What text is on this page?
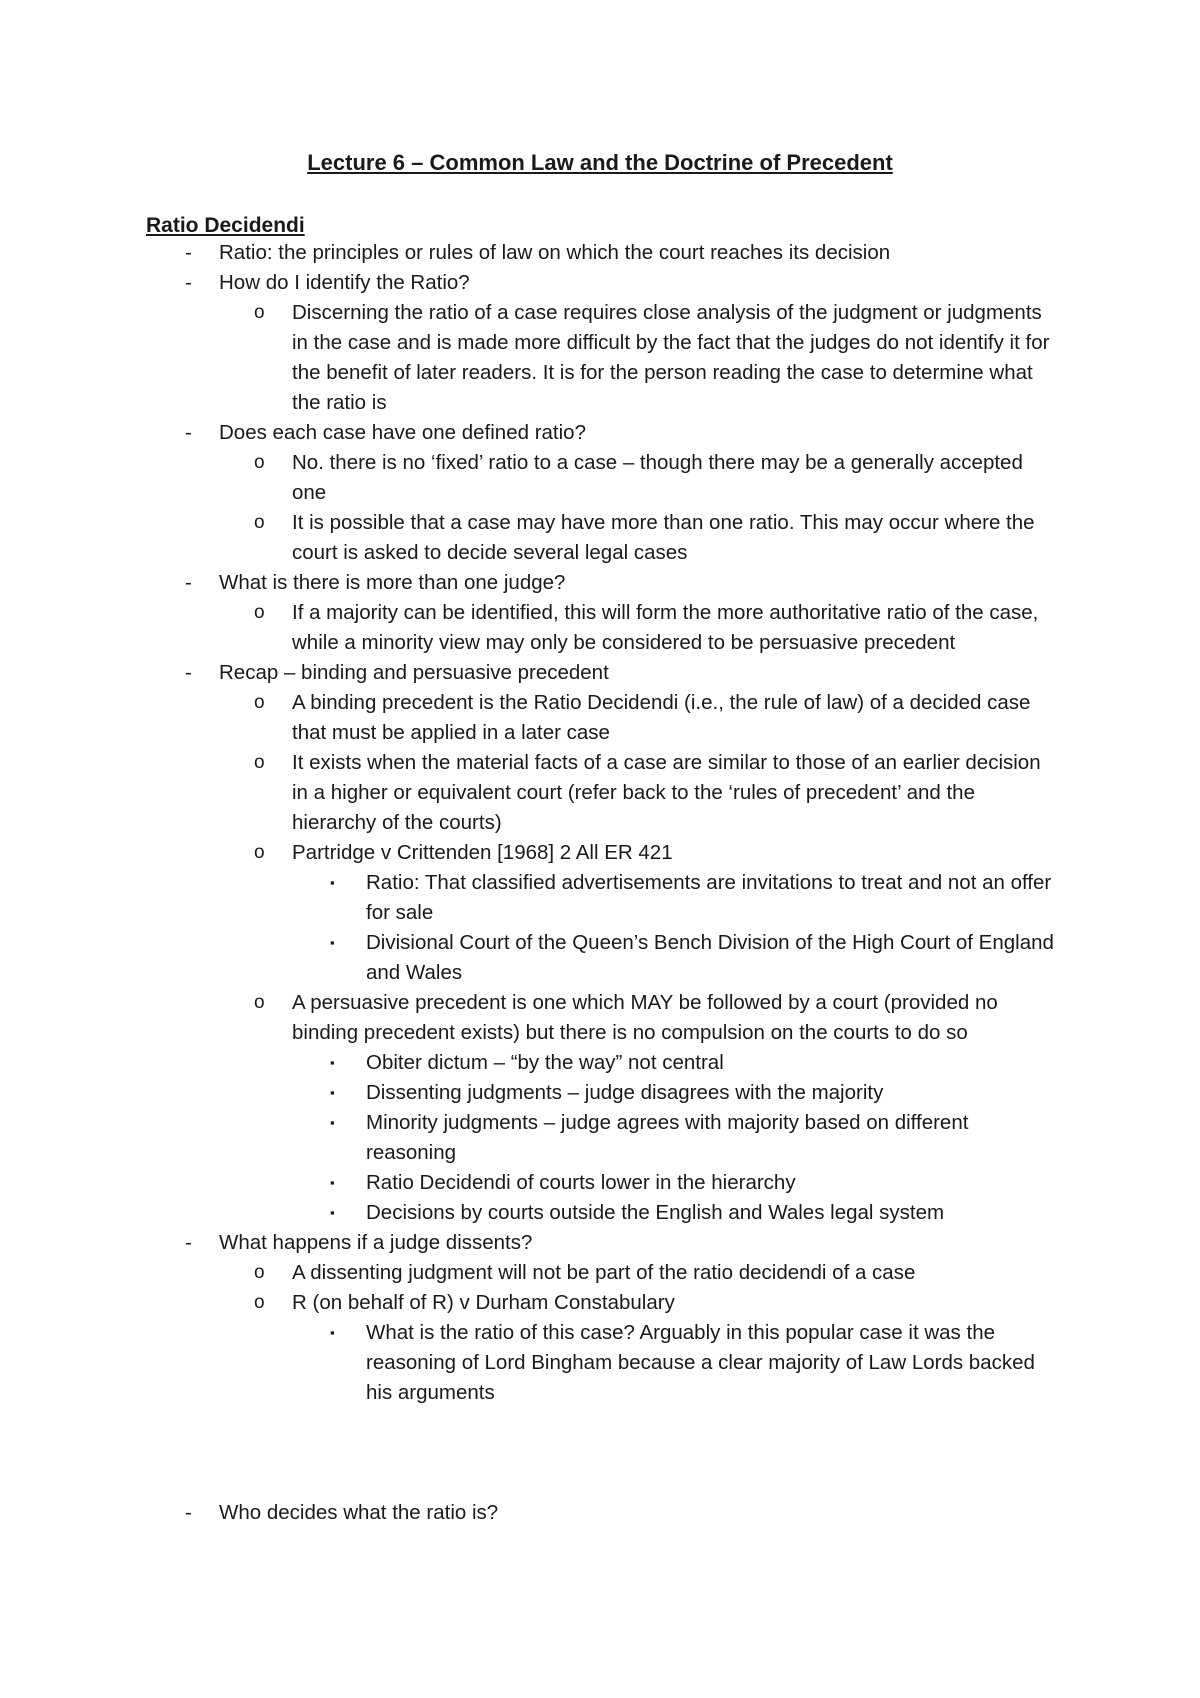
Lecture 6 – Common Law and the Doctrine of Precedent
Ratio Decidendi
- Ratio: the principles or rules of law on which the court reaches its decision
- How do I identify the Ratio?
o Discerning the ratio of a case requires close analysis of the judgment or judgments in the case and is made more difficult by the fact that the judges do not identify it for the benefit of later readers. It is for the person reading the case to determine what the ratio is
- Does each case have one defined ratio?
o No. there is no ‘fixed’ ratio to a case – though there may be a generally accepted one
o It is possible that a case may have more than one ratio. This may occur where the court is asked to decide several legal cases
- What is there is more than one judge?
o If a majority can be identified, this will form the more authoritative ratio of the case, while a minority view may only be considered to be persuasive precedent
- Recap – binding and persuasive precedent
o A binding precedent is the Ratio Decidendi (i.e., the rule of law) of a decided case that must be applied in a later case
o It exists when the material facts of a case are similar to those of an earlier decision in a higher or equivalent court (refer back to the ‘rules of precedent’ and the hierarchy of the courts)
o Partridge v Crittenden [1968] 2 All ER 421
▪ Ratio: That classified advertisements are invitations to treat and not an offer for sale
▪ Divisional Court of the Queen’s Bench Division of the High Court of England and Wales
o A persuasive precedent is one which MAY be followed by a court (provided no binding precedent exists) but there is no compulsion on the courts to do so
▪ Obiter dictum – “by the way” not central
▪ Dissenting judgments – judge disagrees with the majority
▪ Minority judgments – judge agrees with majority based on different reasoning
▪ Ratio Decidendi of courts lower in the hierarchy
▪ Decisions by courts outside the English and Wales legal system
- What happens if a judge dissents?
o A dissenting judgment will not be part of the ratio decidendi of a case
o R (on behalf of R) v Durham Constabulary
▪ What is the ratio of this case? Arguably in this popular case it was the reasoning of Lord Bingham because a clear majority of Law Lords backed his arguments
- Who decides what the ratio is?
